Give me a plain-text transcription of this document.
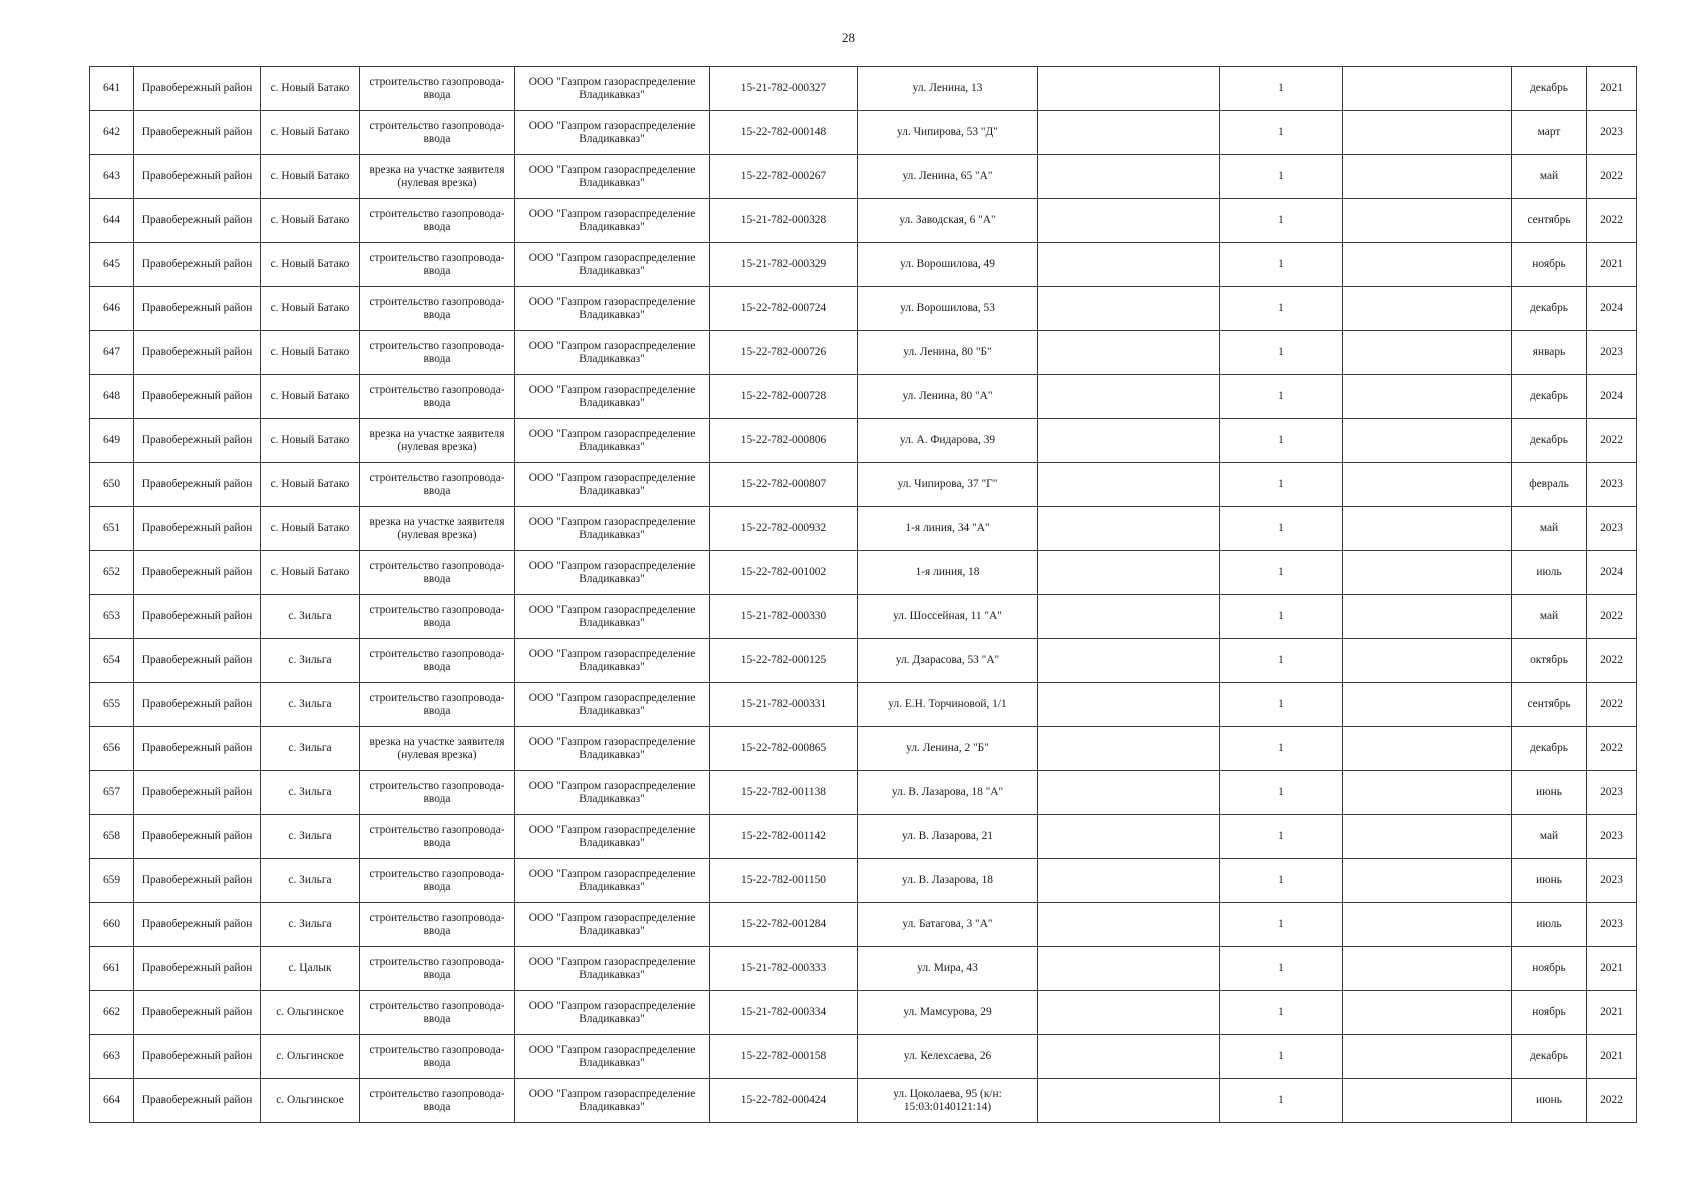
28
641	Правобережный район	с. Новый Батако	строительство газопровода-ввода	ООО "Газпром газораспределение Владикавказ"	15-21-782-000327	ул. Ленина, 13		1		декабрь	2021
642	Правобережный район	с. Новый Батако	строительство газопровода-ввода	ООО "Газпром газораспределение Владикавказ"	15-22-782-000148	ул. Чипирова, 53 "Д"		1		март	2023
643	Правобережный район	с. Новый Батако	врезка на участке заявителя (нулевая врезка)	ООО "Газпром газораспределение Владикавказ"	15-22-782-000267	ул. Ленина, 65 "А"		1		май	2022
644	Правобережный район	с. Новый Батако	строительство газопровода-ввода	ООО "Газпром газораспределение Владикавказ"	15-21-782-000328	ул. Заводская, 6 "А"		1		сентябрь	2022
645	Правобережный район	с. Новый Батако	строительство газопровода-ввода	ООО "Газпром газораспределение Владикавказ"	15-21-782-000329	ул. Ворошилова, 49		1		ноябрь	2021
646	Правобережный район	с. Новый Батако	строительство газопровода-ввода	ООО "Газпром газораспределение Владикавказ"	15-22-782-000724	ул. Ворошилова, 53		1		декабрь	2024
647	Правобережный район	с. Новый Батако	строительство газопровода-ввода	ООО "Газпром газораспределение Владикавказ"	15-22-782-000726	ул. Ленина, 80 "Б"		1		январь	2023
648	Правобережный район	с. Новый Батако	строительство газопровода-ввода	ООО "Газпром газораспределение Владикавказ"	15-22-782-000728	ул. Ленина, 80 "А"		1		декабрь	2024
649	Правобережный район	с. Новый Батако	врезка на участке заявителя (нулевая врезка)	ООО "Газпром газораспределение Владикавказ"	15-22-782-000806	ул. А. Фидарова, 39		1		декабрь	2022
650	Правобережный район	с. Новый Батако	строительство газопровода-ввода	ООО "Газпром газораспределение Владикавказ"	15-22-782-000807	ул. Чипирова, 37 "Г"		1		февраль	2023
651	Правобережный район	с. Новый Батако	врезка на участке заявителя (нулевая врезка)	ООО "Газпром газораспределение Владикавказ"	15-22-782-000932	1-я линия, 34 "А"		1		май	2023
652	Правобережный район	с. Новый Батако	строительство газопровода-ввода	ООО "Газпром газораспределение Владикавказ"	15-22-782-001002	1-я линия, 18		1		июль	2024
653	Правобережный район	с. Зильга	строительство газопровода-ввода	ООО "Газпром газораспределение Владикавказ"	15-21-782-000330	ул. Шоссейная, 11 "А"		1		май	2022
654	Правобережный район	с. Зильга	строительство газопровода-ввода	ООО "Газпром газораспределение Владикавказ"	15-22-782-000125	ул. Дзарасова, 53 "А"		1		октябрь	2022
655	Правобережный район	с. Зильга	строительство газопровода-ввода	ООО "Газпром газораспределение Владикавказ"	15-21-782-000331	ул. Е.Н. Торчиновой, 1/1		1		сентябрь	2022
656	Правобережный район	с. Зильга	врезка на участке заявителя (нулевая врезка)	ООО "Газпром газораспределение Владикавказ"	15-22-782-000865	ул. Ленина, 2 "Б"		1		декабрь	2022
657	Правобережный район	с. Зильга	строительство газопровода-ввода	ООО "Газпром газораспределение Владикавказ"	15-22-782-001138	ул. В. Лазарова, 18 "А"		1		июнь	2023
658	Правобережный район	с. Зильга	строительство газопровода-ввода	ООО "Газпром газораспределение Владикавказ"	15-22-782-001142	ул. В. Лазарова, 21		1		май	2023
659	Правобережный район	с. Зильга	строительство газопровода-ввода	ООО "Газпром газораспределение Владикавказ"	15-22-782-001150	ул. В. Лазарова, 18		1		июнь	2023
660	Правобережный район	с. Зильга	строительство газопровода-ввода	ООО "Газпром газораспределение Владикавказ"	15-22-782-001284	ул. Батагова, 3 "А"		1		июль	2023
661	Правобережный район	с. Цалык	строительство газопровода-ввода	ООО "Газпром газораспределение Владикавказ"	15-21-782-000333	ул. Мира, 43		1		ноябрь	2021
662	Правобережный район	с. Ольгинское	строительство газопровода-ввода	ООО "Газпром газораспределение Владикавказ"	15-21-782-000334	ул. Мамсурова, 29		1		ноябрь	2021
663	Правобережный район	с. Ольгинское	строительство газопровода-ввода	ООО "Газпром газораспределение Владикавказ"	15-22-782-000158	ул. Келехсаева, 26		1		декабрь	2021
664	Правобережный район	с. Ольгинское	строительство газопровода-ввода	ООО "Газпром газораспределение Владикавказ"	15-22-782-000424	ул. Цоколаева, 95 (к/н: 15:03:0140121:14)		1		июнь	2022
